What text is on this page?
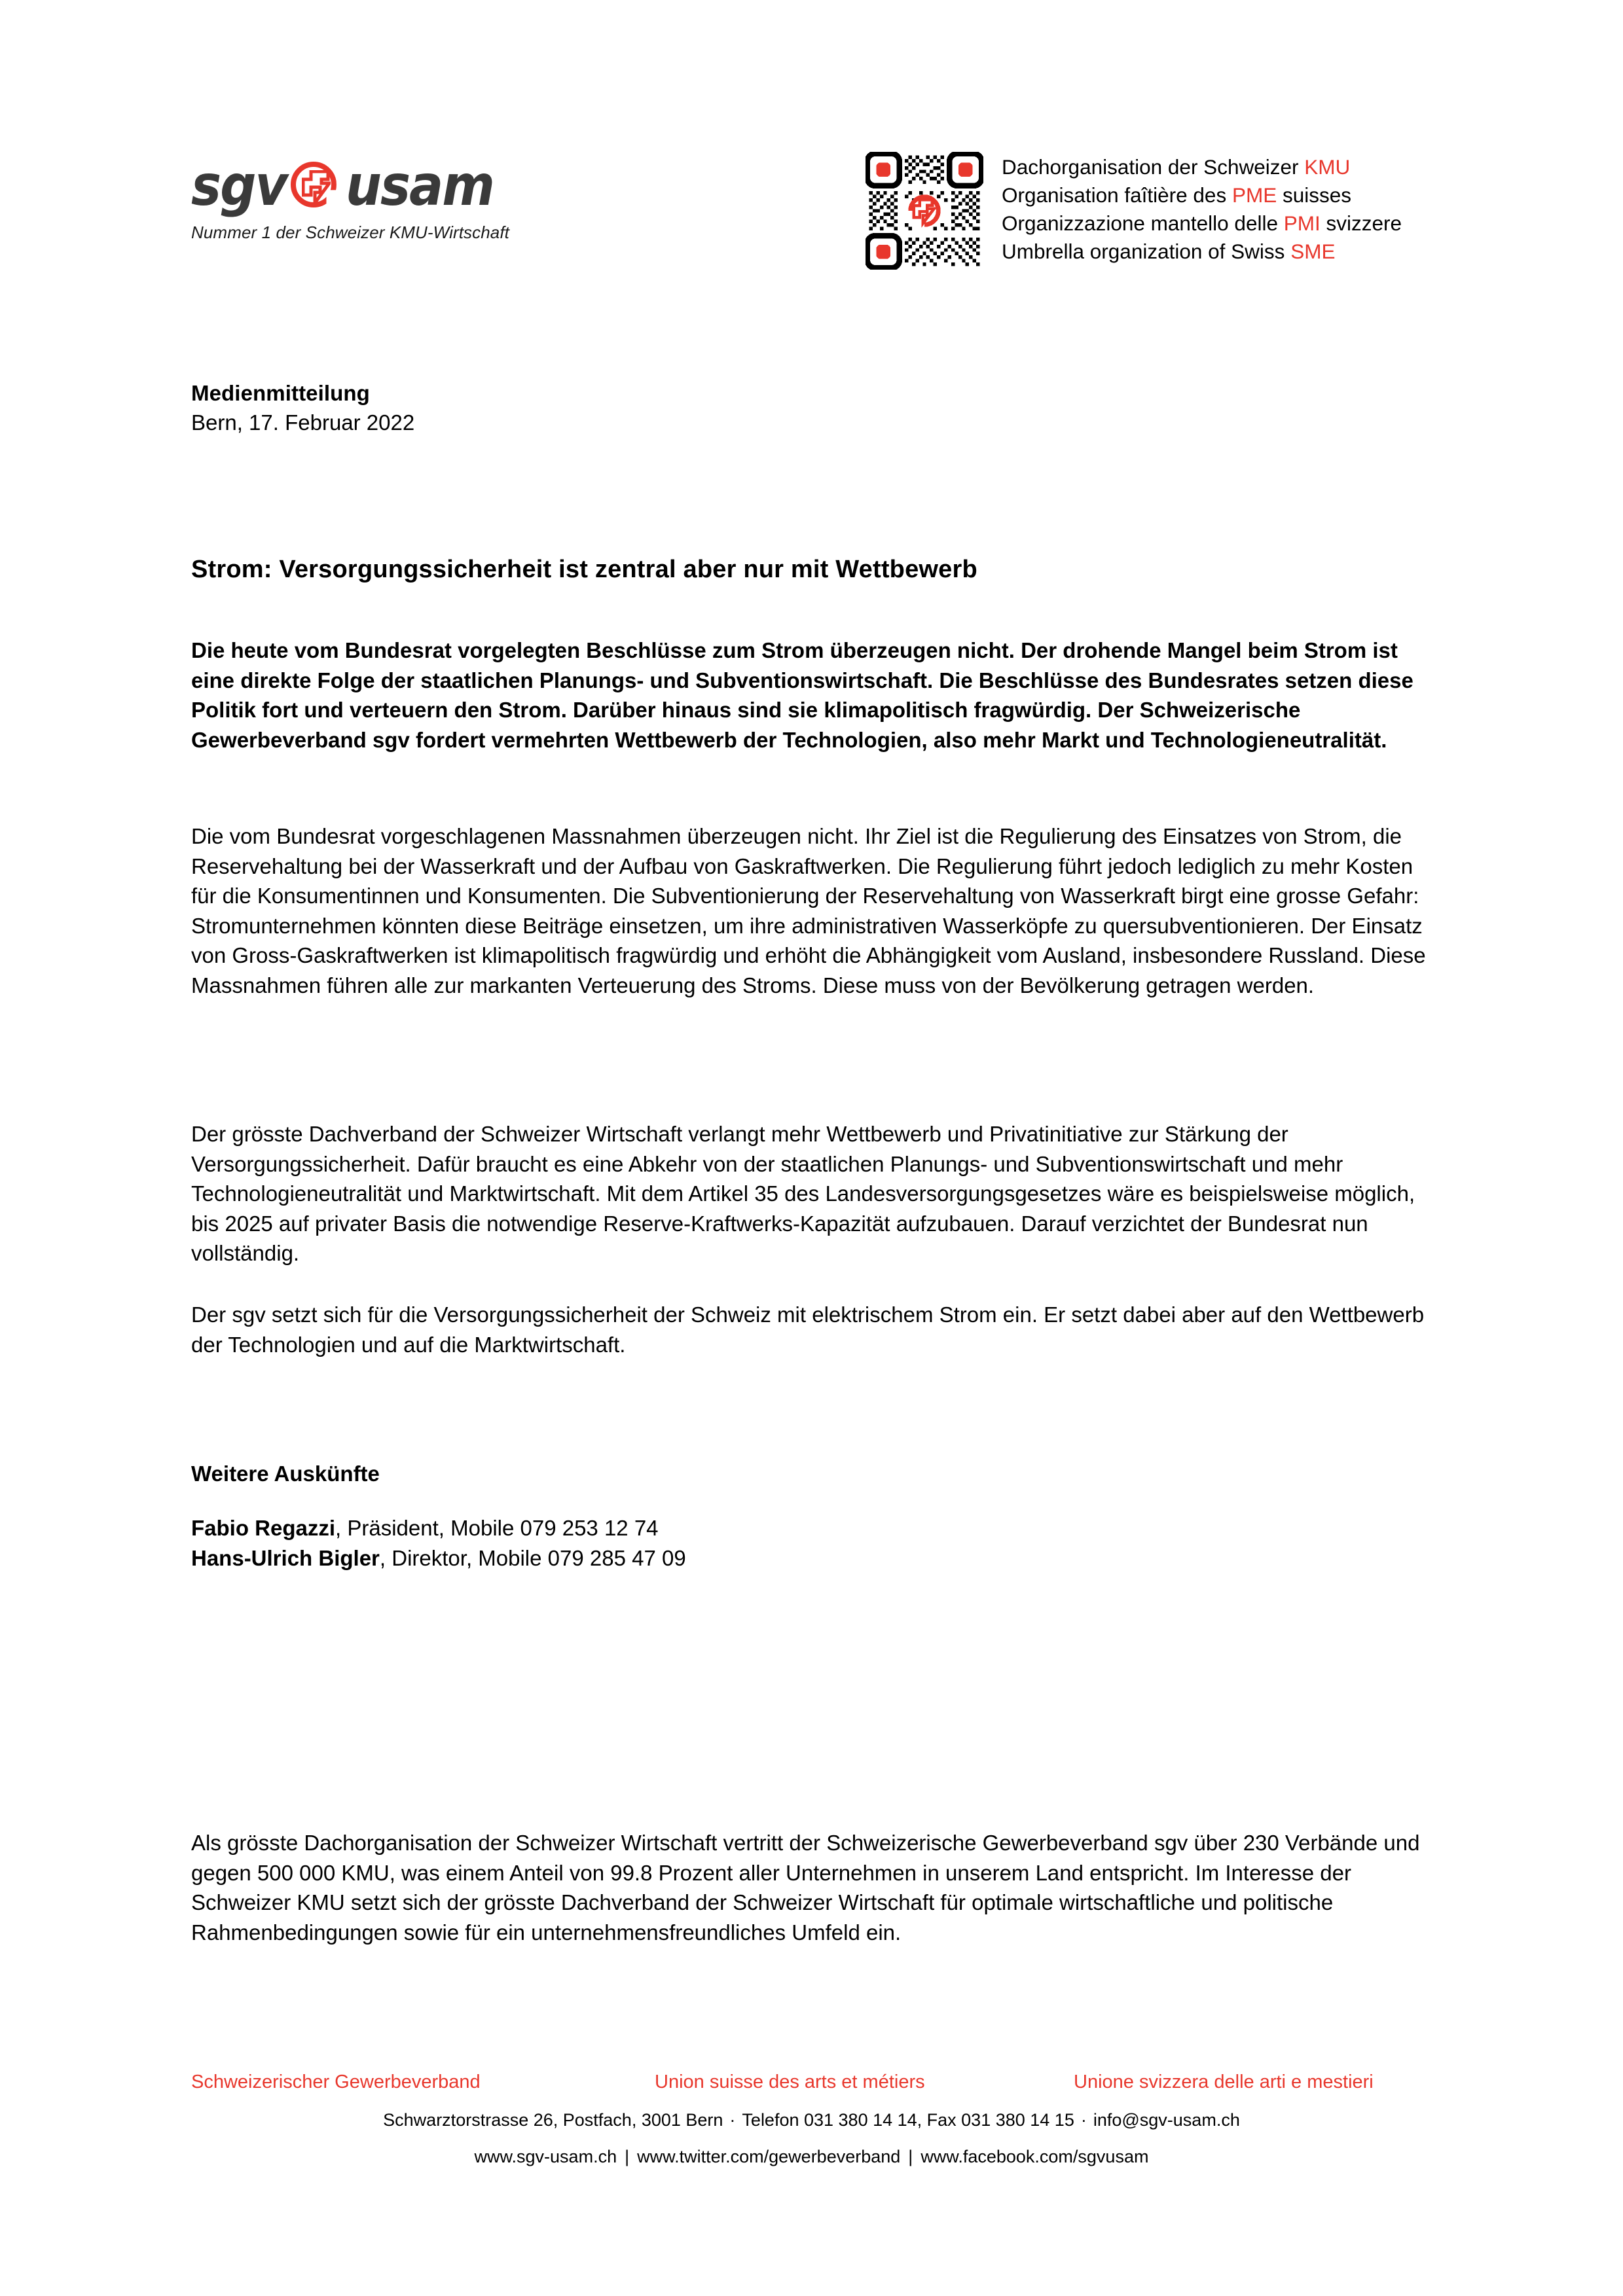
sgv usam
Nummer 1 der Schweizer KMU-Wirtschaft
Dachorganisation der Schweizer KMU
Organisation faîtière des PME suisses
Organizzazione mantello delle PMI svizzere
Umbrella organization of Swiss SME
Medienmitteilung
Bern, 17. Februar 2022
Strom: Versorgungssicherheit ist zentral aber nur mit Wettbewerb

Die heute vom Bundesrat vorgelegten Beschlüsse zum Strom überzeugen nicht. Der drohende Mangel beim Strom ist eine direkte Folge der staatlichen Planungs- und Subventionswirtschaft. Die Beschlüsse des Bundesrates setzen diese Politik fort und verteuern den Strom. Darüber hinaus sind sie klimapolitisch fragwürdig. Der Schweizerische Gewerbeverband sgv fordert vermehrten Wettbewerb der Technologien, also mehr Markt und Technologieneutralität.

Die vom Bundesrat vorgeschlagenen Massnahmen überzeugen nicht. Ihr Ziel ist die Regulierung des Einsatzes von Strom, die Reservehaltung bei der Wasserkraft und der Aufbau von Gaskraftwerken. Die Regulierung führt jedoch lediglich zu mehr Kosten für die Konsumentinnen und Konsumenten. Die Subventionierung der Reservehaltung von Wasserkraft birgt eine grosse Gefahr: Stromunternehmen könnten diese Beiträge einsetzen, um ihre administrativen Wasserköpfe zu quersubventionieren. Der Einsatz von Gross-Gaskraftwerken ist klimapolitisch fragwürdig und erhöht die Abhängigkeit vom Ausland, insbesondere Russland. Diese Massnahmen führen alle zur markanten Verteuerung des Stroms. Diese muss von der Bevölkerung getragen werden.

Der grösste Dachverband der Schweizer Wirtschaft verlangt mehr Wettbewerb und Privatinitiative zur Stärkung der Versorgungssicherheit. Dafür braucht es eine Abkehr von der staatlichen Planungs- und Subventionswirtschaft und mehr Technologieneutralität und Marktwirtschaft. Mit dem Artikel 35 des Landesversorgungsgesetzes wäre es beispielsweise möglich, bis 2025 auf privater Basis die notwendige Reserve-Kraftwerks-Kapazität aufzubauen. Darauf verzichtet der Bundesrat nun vollständig.

Der sgv setzt sich für die Versorgungssicherheit der Schweiz mit elektrischem Strom ein. Er setzt dabei aber auf den Wettbewerb der Technologien und auf die Marktwirtschaft.

Weitere Auskünfte
Fabio Regazzi, Präsident, Mobile 079 253 12 74
Hans-Ulrich Bigler, Direktor, Mobile 079 285 47 09

Als grösste Dachorganisation der Schweizer Wirtschaft vertritt der Schweizerische Gewerbeverband sgv über 230 Verbände und gegen 500 000 KMU, was einem Anteil von 99.8 Prozent aller Unternehmen in unserem Land entspricht. Im Interesse der Schweizer KMU setzt sich der grösste Dachverband der Schweizer Wirtschaft für optimale wirtschaftliche und politische Rahmenbedingungen sowie für ein unternehmensfreundliches Umfeld ein.

Schweizerischer Gewerbeverband	Union suisse des arts et métiers	Unione svizzera delle arti e mestieri
Schwarztorstrasse 26, Postfach, 3001 Bern · Telefon 031 380 14 14, Fax 031 380 14 15 · info@sgv-usam.ch
www.sgv-usam.ch | www.twitter.com/gewerbeverband | www.facebook.com/sgvusam
